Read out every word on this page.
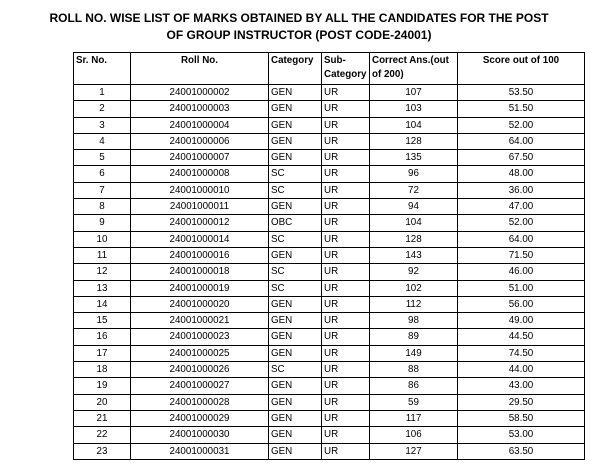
ROLL NO. WISE LIST OF MARKS OBTAINED BY ALL THE CANDIDATES FOR THE POST
OF GROUP INSTRUCTOR (POST CODE-24001)
Sr. No.	Roll No.	Category	Sub-Category	Correct Ans.(out of 200)	Score out of 100
1	24001000002	GEN	UR	107	53.50
2	24001000003	GEN	UR	103	51.50
3	24001000004	GEN	UR	104	52.00
4	24001000006	GEN	UR	128	64.00
5	24001000007	GEN	UR	135	67.50
6	24001000008	SC	UR	96	48.00
7	24001000010	SC	UR	72	36.00
8	24001000011	GEN	UR	94	47.00
9	24001000012	OBC	UR	104	52.00
10	24001000014	SC	UR	128	64.00
11	24001000016	GEN	UR	143	71.50
12	24001000018	SC	UR	92	46.00
13	24001000019	SC	UR	102	51.00
14	24001000020	GEN	UR	112	56.00
15	24001000021	GEN	UR	98	49.00
16	24001000023	GEN	UR	89	44.50
17	24001000025	GEN	UR	149	74.50
18	24001000026	SC	UR	88	44.00
19	24001000027	GEN	UR	86	43.00
20	24001000028	GEN	UR	59	29.50
21	24001000029	GEN	UR	117	58.50
22	24001000030	GEN	UR	106	53.00
23	24001000031	GEN	UR	127	63.50
